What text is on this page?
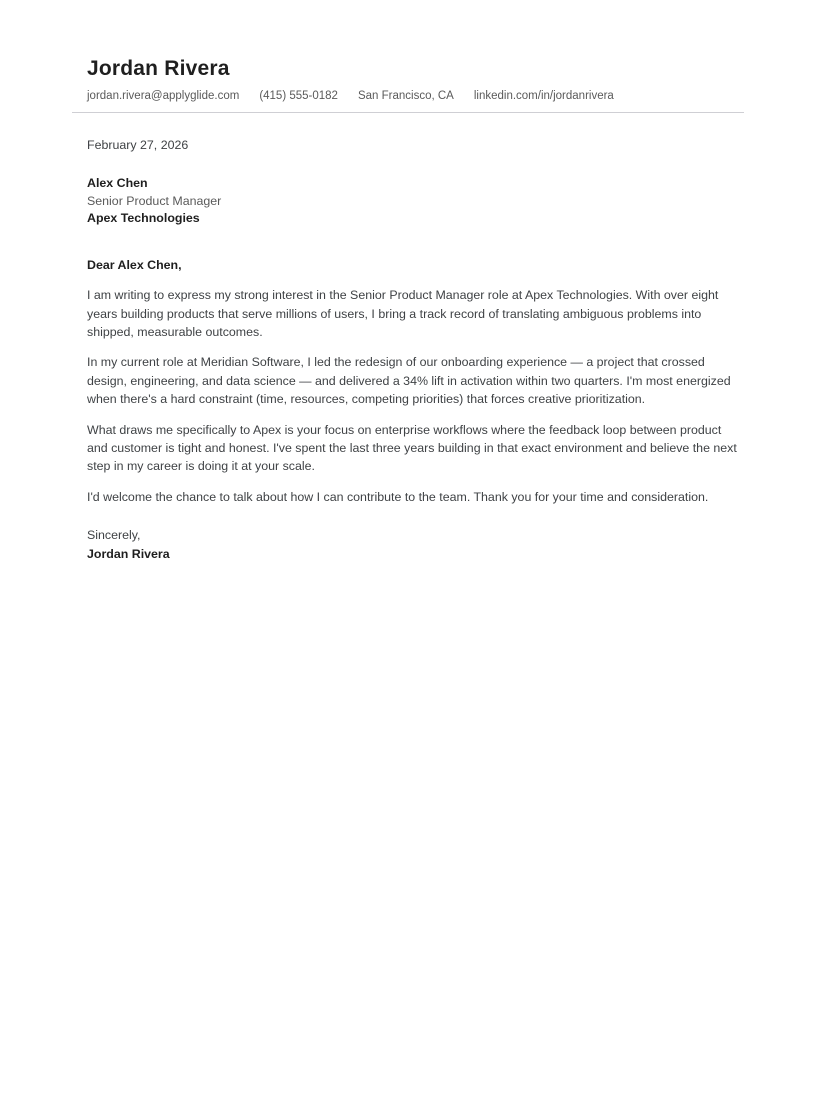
Jordan Rivera
jordan.rivera@applyglide.com (415) 555-0182 San Francisco, CA linkedin.com/in/jordanrivera

February 27, 2026

Alex Chen
Senior Product Manager
Apex Technologies

Dear Alex Chen,

I am writing to express my strong interest in the Senior Product Manager role at Apex Technologies. With over eight years building products that serve millions of users, I bring a track record of translating ambiguous problems into shipped, measurable outcomes.

In my current role at Meridian Software, I led the redesign of our onboarding experience — a project that crossed design, engineering, and data science — and delivered a 34% lift in activation within two quarters. I'm most energized when there's a hard constraint (time, resources, competing priorities) that forces creative prioritization.

What draws me specifically to Apex is your focus on enterprise workflows where the feedback loop between product and customer is tight and honest. I've spent the last three years building in that exact environment and believe the next step in my career is doing it at your scale.

I'd welcome the chance to talk about how I can contribute to the team. Thank you for your time and consideration.

Sincerely,
Jordan Rivera
